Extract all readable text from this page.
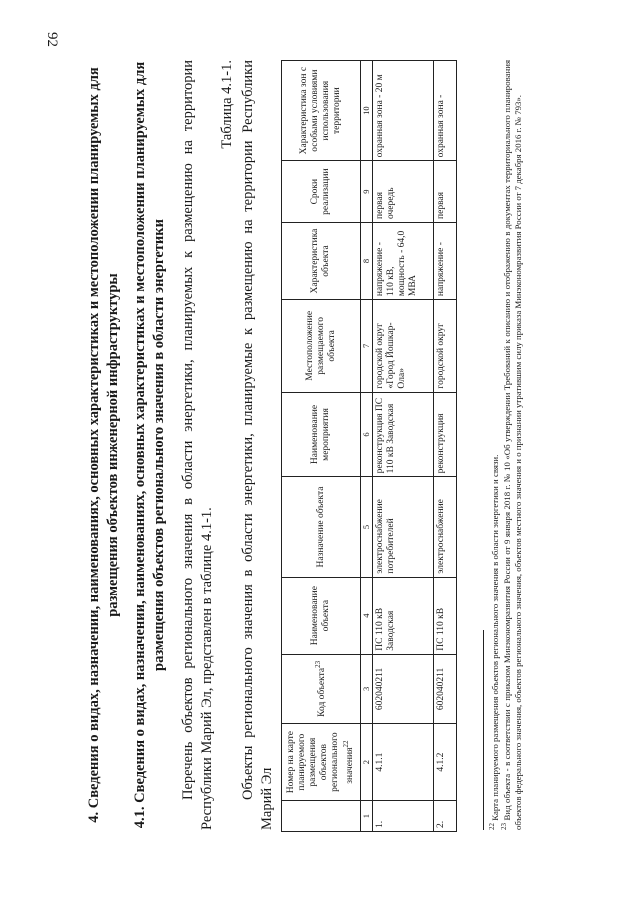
92
4. Сведения о видах, назначении, наименованиях, основных характеристиках и местоположении планируемых для размещения объектов инженерной инфраструктуры 4.1. Сведения о видах, назначении, наименованиях, основных характеристиках и местоположении планируемых для размещения объектов регионального значения в области энергетики Перечень объектов регионального значения в области энергетики, планируемых к размещению на территории Республики Марий Эл, представлен в таблице 4.1-1.
Таблица 4.1-1. Объекты регионального значения в области энергетики, планируемые к размещению на территории Республики Марий Эл
	Номер на карте планируемого размещения объектов регионального значения$^{22}$	Код объекта$^{23}$	Наименование объекта	Назначение объекта	Наименование мероприятия	Местоположение размещаемого объекта	Характеристика объекта	Сроки реализации	Характеристика зон с особыми условиями использования территории
1	2	3	4	5	6	7	8	9	10
1.	4.1.1	602040211	ПС 110 кВ Заводская	электроснабжение потребителей	реконструкция ПС 110 кВ Заводская	городской округ «Город Йошкар-Ола»	напряжение - 110 кВ, мощность - 64,0 МВА	первая очередь	охранная зона - 20 м
2.	4.1.2	602040211	ПС 110 кВ	электроснабжение	реконструкция	городской округ	напряжение -	первая	охранная зона -
$^{22}$ Карта планируемого размещения объектов регионального значения в области энергетики и связи.
$^{23}$ Вид объекта - в соответствии с приказом Минэкономразвития России от 9 января 2018 г. № 10 «Об утверждении Требований к описанию и отображению в документах территориального планирования объектов федерального значения, объектов регионального значения, объектов местного значения и о признании утратившим силу приказа Минэкономразвития России от 7 декабря 2016 г. № 793».
